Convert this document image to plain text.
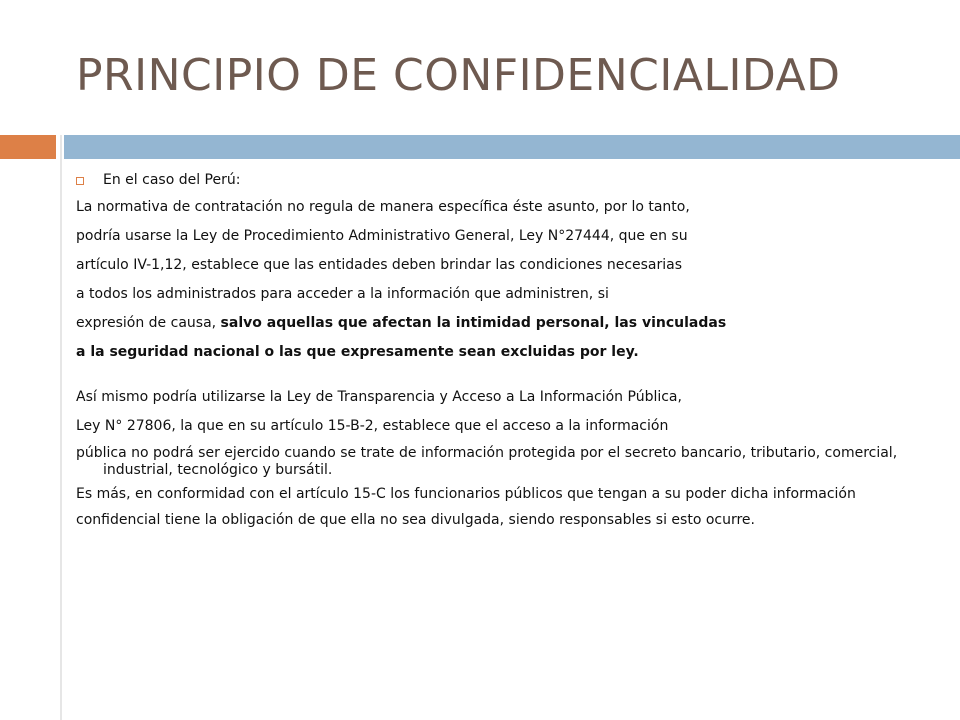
PRINCIPIO DE CONFIDENCIALIDAD
En el caso del Perú:
La normativa de contratación no regula de manera específica éste asunto, por lo tanto,
podría usarse la Ley de Procedimiento Administrativo General, Ley N°27444, que en su
artículo IV-1,12, establece que las entidades deben brindar las condiciones necesarias
a todos los administrados para acceder a la información que administren, si
expresión de causa, salvo aquellas que afectan la intimidad personal, las vinculadas
a la seguridad nacional o las que expresamente sean excluidas por ley.
Así mismo podría utilizarse la Ley de Transparencia y Acceso a La Información Pública,
Ley N° 27806, la que en su artículo 15-B-2, establece que el acceso a la información
pública no podrá ser ejercido cuando se trate de información protegida por el secreto bancario, tributario, comercial, industrial, tecnológico y bursátil.
Es más, en conformidad con el artículo 15-C los funcionarios públicos que tengan a su poder dicha información
confidencial tiene la obligación de que ella no sea divulgada, siendo responsables si esto ocurre.
